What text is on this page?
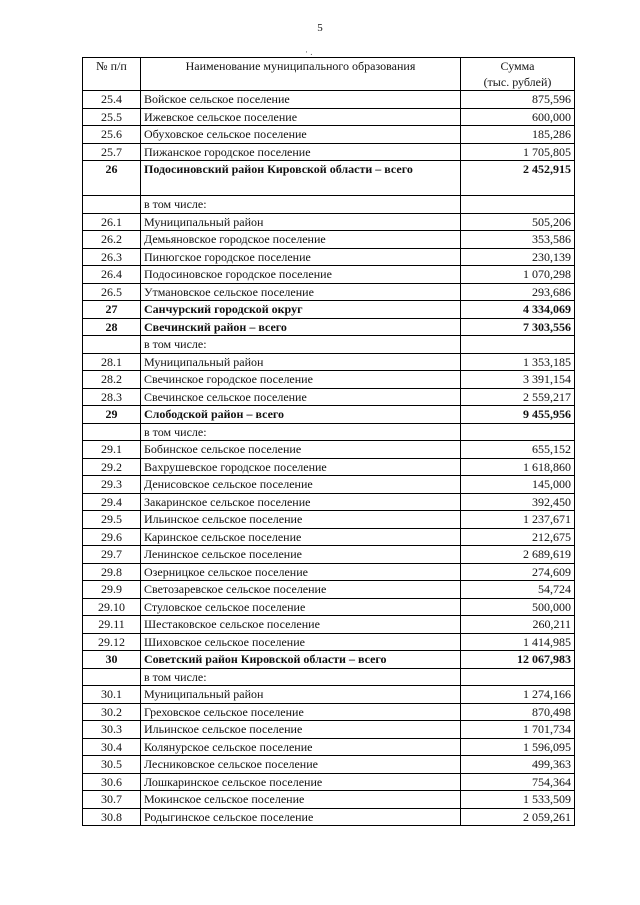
5
· .
№ п/п	Наименование муниципального образования	Сумма
(тыс. рублей)

25.4	Войское сельское поселение	875,596
25.5	Ижевское сельское поселение	600,000
25.6	Обуховское сельское поселение	185,286
25.7	Пижанское городское поселение	1 705,805
26	Подосиновский район Кировской области – всего	2 452,915
	в том числе:	
26.1	Муниципальный район	505,206
26.2	Демьяновское городское поселение	353,586
26.3	Пинюгское городское поселение	230,139
26.4	Подосиновское городское поселение	1 070,298
26.5	Утмановское сельское поселение	293,686
27	Санчурский городской округ	4 334,069
28	Свечинский район – всего	7 303,556
	в том числе:	
28.1	Муниципальный район	1 353,185
28.2	Свечинское городское поселение	3 391,154
28.3	Свечинское сельское поселение	2 559,217
29	Слободской район – всего	9 455,956
	в том числе:	
29.1	Бобинское сельское поселение	655,152
29.2	Вахрушевское городское поселение	1 618,860
29.3	Денисовское сельское поселение	145,000
29.4	Закаринское сельское поселение	392,450
29.5	Ильинское сельское поселение	1 237,671
29.6	Каринское сельское поселение	212,675
29.7	Ленинское сельское поселение	2 689,619
29.8	Озерницкое сельское поселение	274,609
29.9	Светозаревское сельское поселение	54,724
29.10	Стуловское сельское поселение	500,000
29.11	Шестаковское сельское поселение	260,211
29.12	Шиховское сельское поселение	1 414,985
30	Советский район Кировской области – всего	12 067,983
	в том числе:	
30.1	Муниципальный район	1 274,166
30.2	Греховское сельское поселение	870,498
30.3	Ильинское сельское поселение	1 701,734
30.4	Колянурское сельское поселение	1 596,095
30.5	Лесниковское сельское поселение	499,363
30.6	Лошкаринское сельское поселение	754,364
30.7	Мокинское сельское поселение	1 533,509
30.8	Родыгинское сельское поселение	2 059,261
